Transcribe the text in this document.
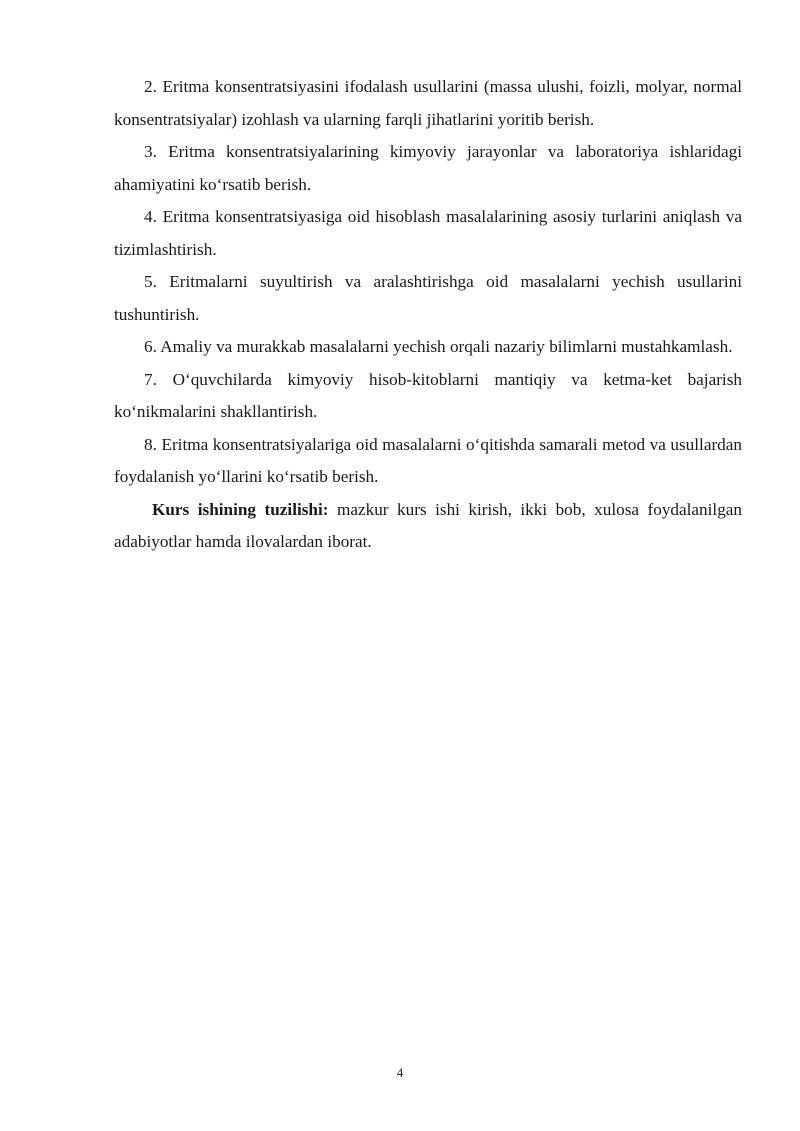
2. Eritma konsentratsiyasini ifodalash usullarini (massa ulushi, foizli, molyar, normal konsentratsiyalar) izohlash va ularning farqli jihatlarini yoritib berish.

3. Eritma konsentratsiyalarining kimyoviy jarayonlar va laboratoriya ishlaridagi ahamiyatini ko‘rsatib berish.

4. Eritma konsentratsiyasiga oid hisoblash masalalarining asosiy turlarini aniqlash va tizimlashtirish.

5. Eritmalarni suyultirish va aralashtirishga oid masalalarni yechish usullarini tushuntirish.

6. Amaliy va murakkab masalalarni yechish orqali nazariy bilimlarni mustahkamlash.

7. O‘quvchilarda kimyoviy hisob-kitoblarni mantiqiy va ketma-ket bajarish ko‘nikmalarini shakllantirish.

8. Eritma konsentratsiyalariga oid masalalarni o‘qitishda samarali metod va usullardan foydalanish yo‘llarini ko‘rsatib berish.

Kurs ishining tuzilishi: mazkur kurs ishi kirish, ikki bob, xulosa foydalanilgan adabiyotlar hamda ilovalardan iborat.

4
